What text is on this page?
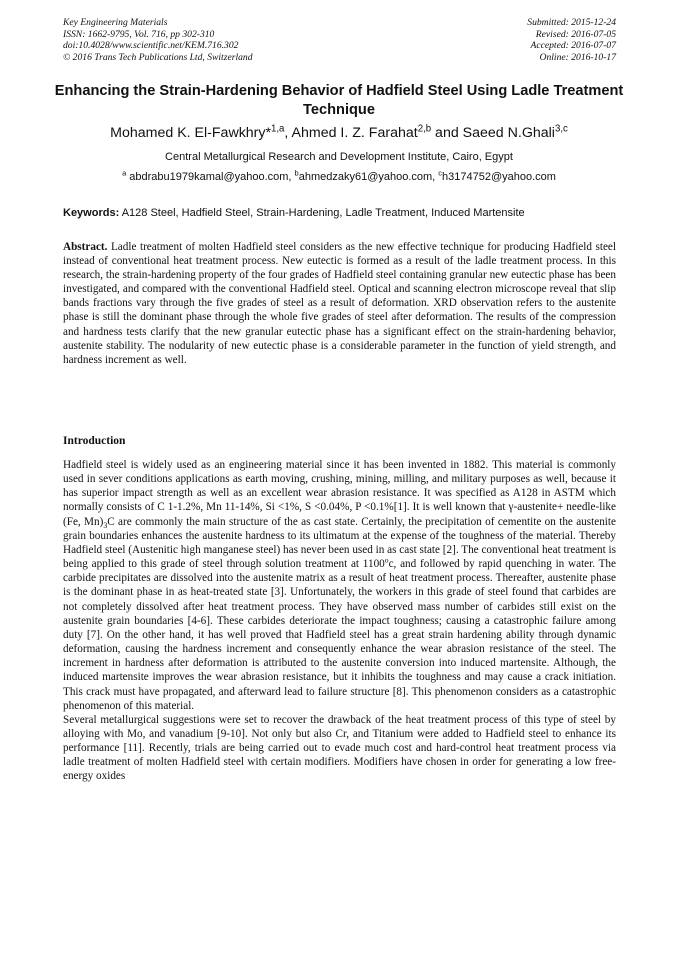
Key Engineering Materials
ISSN: 1662-9795, Vol. 716, pp 302-310
doi:10.4028/www.scientific.net/KEM.716.302
© 2016 Trans Tech Publications Ltd, Switzerland
Submitted: 2015-12-24
Revised: 2016-07-05
Accepted: 2016-07-07
Online: 2016-10-17
Enhancing the Strain-Hardening Behavior of Hadfield Steel Using Ladle Treatment Technique
Mohamed K. El-Fawkhry*$^{1,a}$, Ahmed I. Z. Farahat$^{2,b}$ and Saeed N.Ghali$^{3,c}$
Central Metallurgical Research and Development Institute, Cairo, Egypt
$^a$ abdrabu1979kamal@yahoo.com, $^b$ahmedzaky61@yahoo.com, $^c$h3174752@yahoo.com
Keywords: A128 Steel, Hadfield Steel, Strain-Hardening, Ladle Treatment, Induced Martensite
Abstract. Ladle treatment of molten Hadfield steel considers as the new effective technique for producing Hadfield steel instead of conventional heat treatment process. New eutectic is formed as a result of the ladle treatment process. In this research, the strain-hardening property of the four grades of Hadfield steel containing granular new eutectic phase has been investigated, and compared with the conventional Hadfield steel. Optical and scanning electron microscope reveal that slip bands fractions vary through the five grades of steel as a result of deformation. XRD observation refers to the austenite phase is still the dominant phase through the whole five grades of steel after deformation. The results of the compression and hardness tests clarify that the new granular eutectic phase has a significant effect on the strain-hardening behavior, austenite stability. The nodularity of new eutectic phase is a considerable parameter in the function of yield strength, and hardness increment as well.
Introduction

Hadfield steel is widely used as an engineering material since it has been invented in 1882. This material is commonly used in sever conditions applications as earth moving, crushing, mining, milling, and military purposes as well, because it has superior impact strength as well as an excellent wear abrasion resistance. It was specified as A128 in ASTM which normally consists of C 1-1.2%, Mn 11-14%, Si <1%, S <0.04%, P <0.1%[1]. It is well known that γ-austenite+ needle-like (Fe, $Mn)_3C$ are commonly the main structure of the as cast state. Certainly, the precipitation of cementite on the austenite grain boundaries enhances the austenite hardness to its ultimatum at the expense of the toughness of the material. Thereby Hadfield steel (Austenitic high manganese steel) has never been used in as cast state [2]. The conventional heat treatment is being applied to this grade of steel through solution treatment at 1100$^o$c, and followed by rapid quenching in water. The carbide precipitates are dissolved into the austenite matrix as a result of heat treatment process. Thereafter, austenite phase is the dominant phase in as heat-treated state [3]. Unfortunately, the workers in this grade of steel found that carbides are not completely dissolved after heat treatment process. They have observed mass number of carbides still exist on the austenite grain boundaries [4-6]. These carbides deteriorate the impact toughness; causing a catastrophic failure among duty [7]. On the other hand, it has well proved that Hadfield steel has a great strain hardening ability through dynamic deformation, causing the hardness increment and consequently enhance the wear abrasion resistance of the steel. The increment in hardness after deformation is attributed to the austenite conversion into induced martensite. Although, the induced martensite improves the wear abrasion resistance, but it inhibits the toughness and may cause a crack initiation. This crack must have propagated, and afterward lead to failure structure [8]. This phenomenon considers as a catastrophic phenomenon of this material.

Several metallurgical suggestions were set to recover the drawback of the heat treatment process of this type of steel by alloying with Mo, and vanadium [9-10]. Not only but also Cr, and Titanium were added to Hadfield steel to enhance its performance [11]. Recently, trials are being carried out to evade much cost and hard-control heat treatment process via ladle treatment of molten Hadfield steel with certain modifiers. Modifiers have chosen in order for generating a low free-energy oxides
